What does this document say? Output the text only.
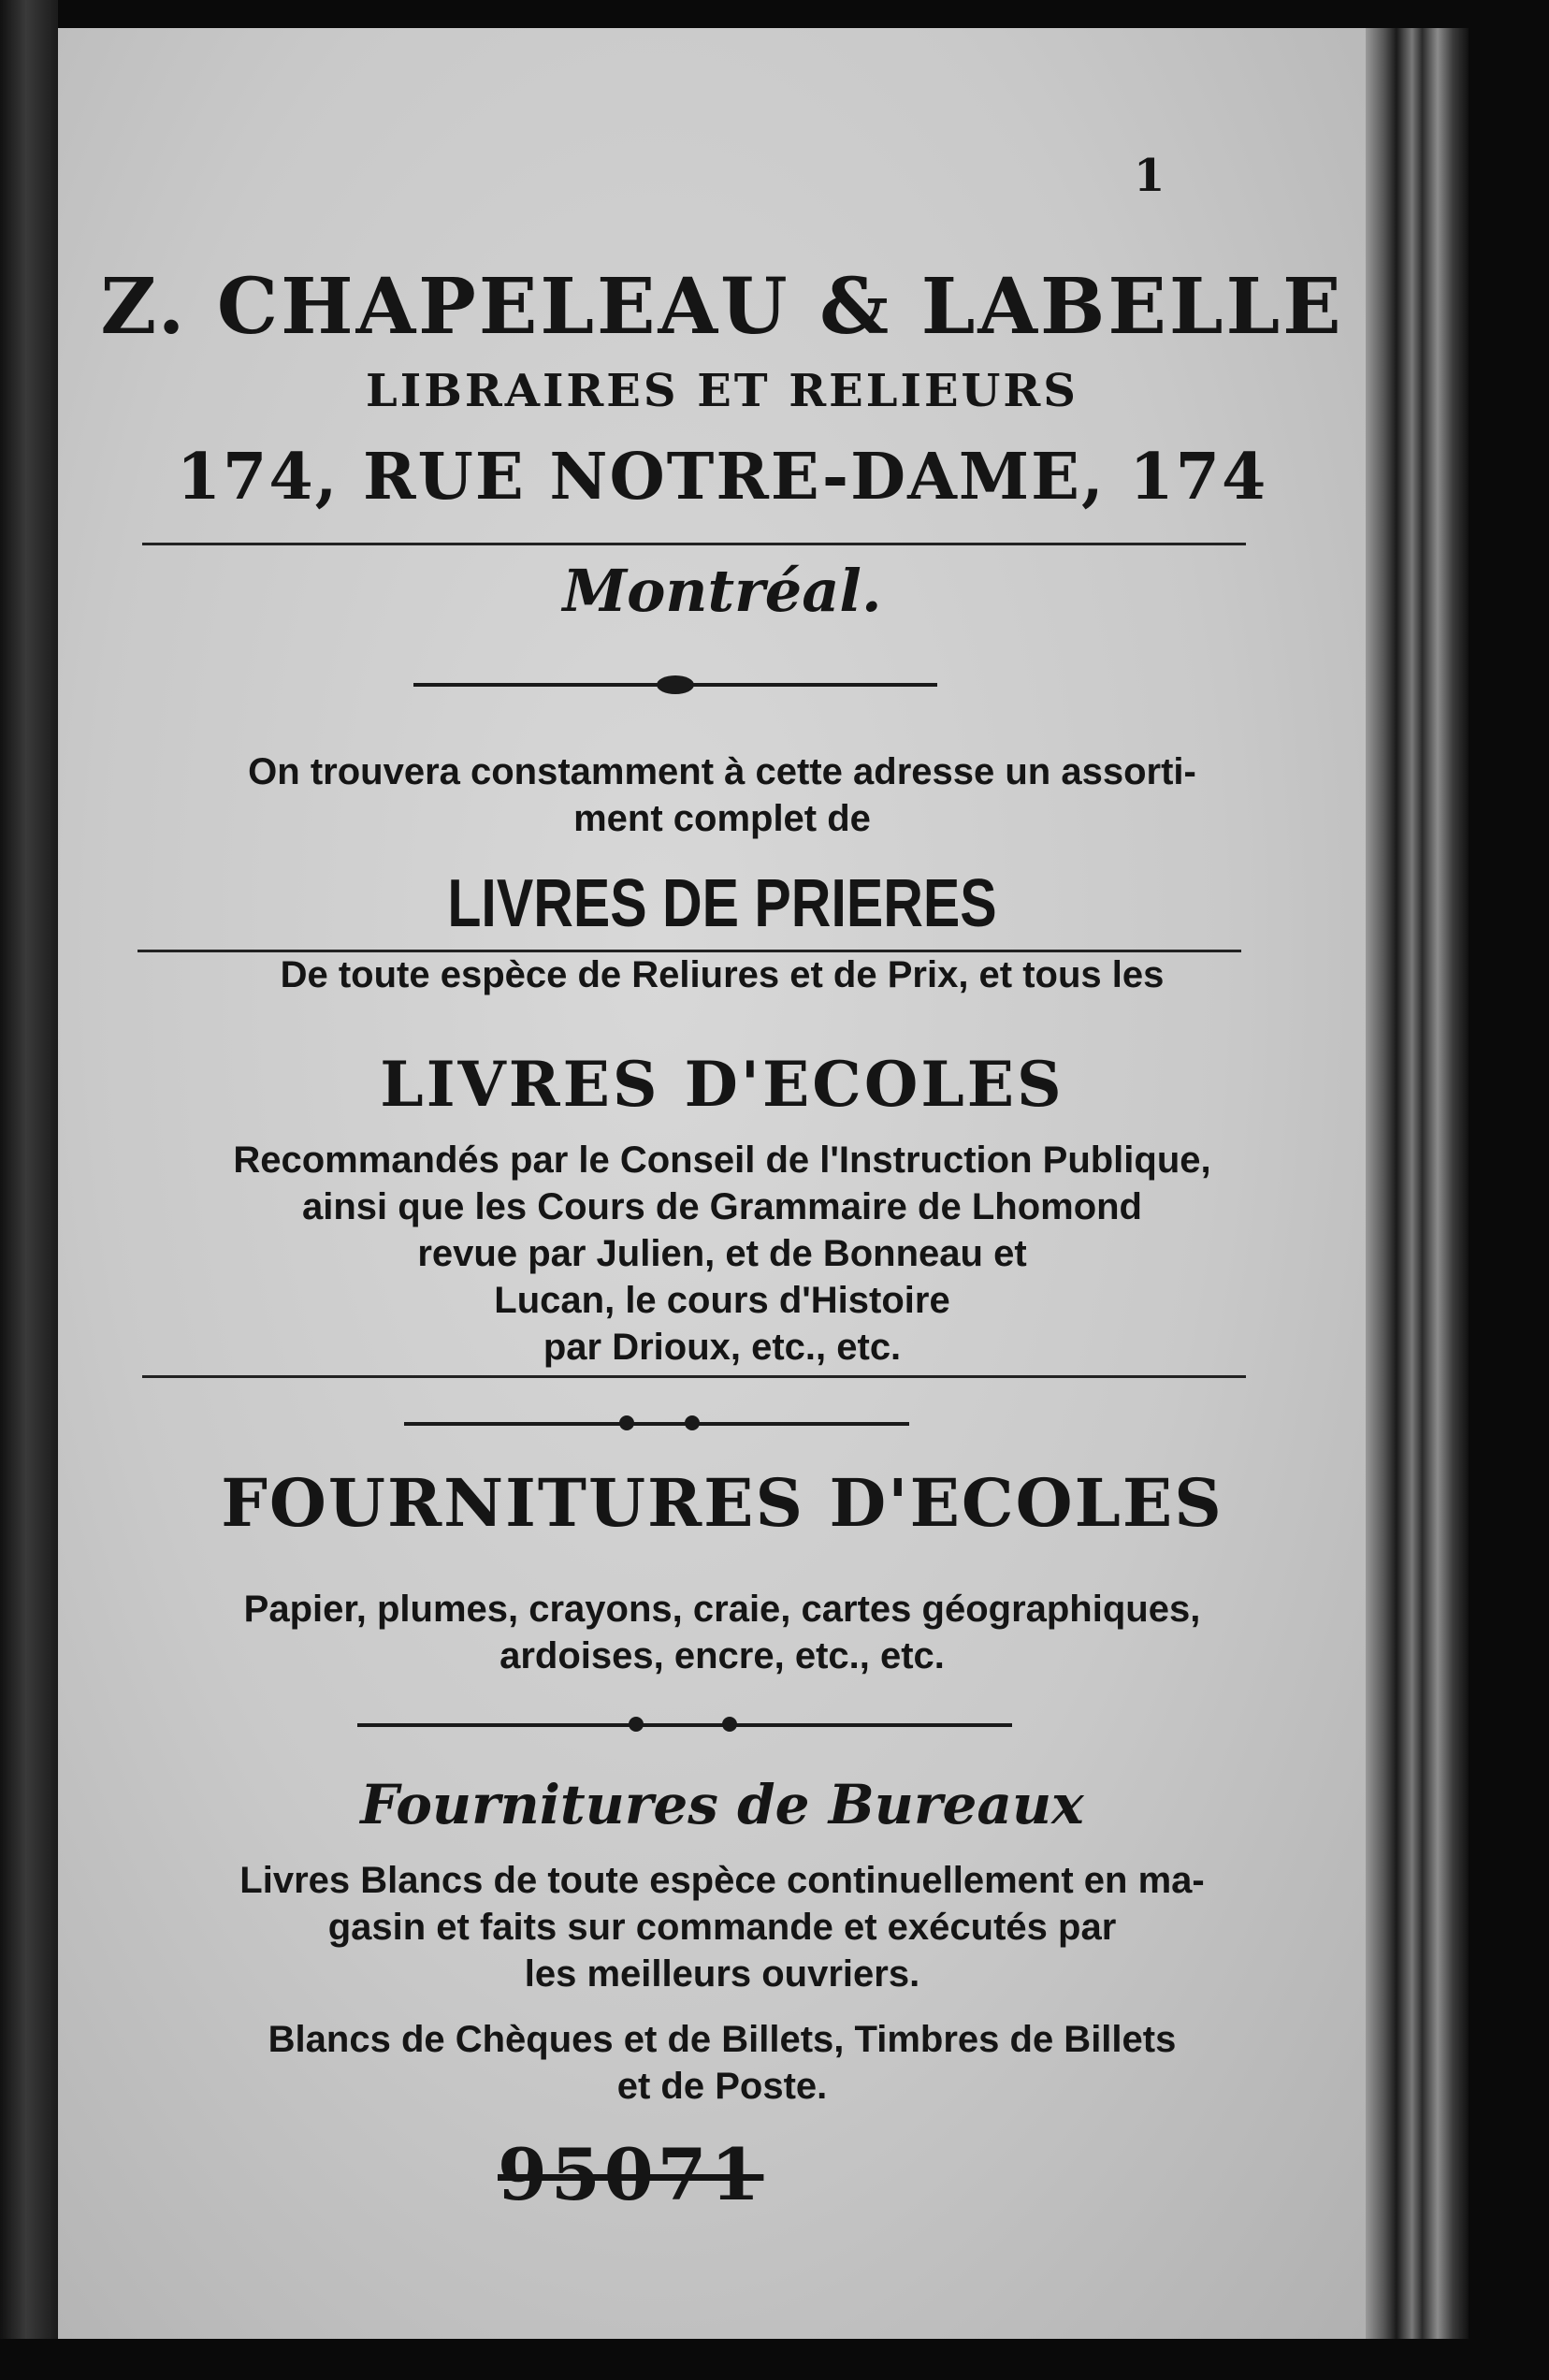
1
Z. CHAPELEAU & LABELLE
LIBRAIRES ET RELIEURS
174, RUE NOTRE-DAME, 174
Montréal.
On trouvera constamment à cette adresse un assorti-
ment complet de
LIVRES DE PRIERES
De toute espèce de Reliures et de Prix, et tous les
LIVRES D'ECOLES
Recommandés par le Conseil de l'Instruction Publique,
ainsi que les Cours de Grammaire de Lhomond
revue par Julien, et de Bonneau et
Lucan, le cours d'Histoire
par Drioux, etc., etc.
FOURNITURES D'ECOLES
Papier, plumes, crayons, craie, cartes géographiques,
ardoises, encre, etc., etc.
Fournitures de Bureaux
Livres Blancs de toute espèce continuellement en ma-
gasin et faits sur commande et exécutés par
les meilleurs ouvriers.
Blancs de Chèques et de Billets, Timbres de Billets
et de Poste.
95071
